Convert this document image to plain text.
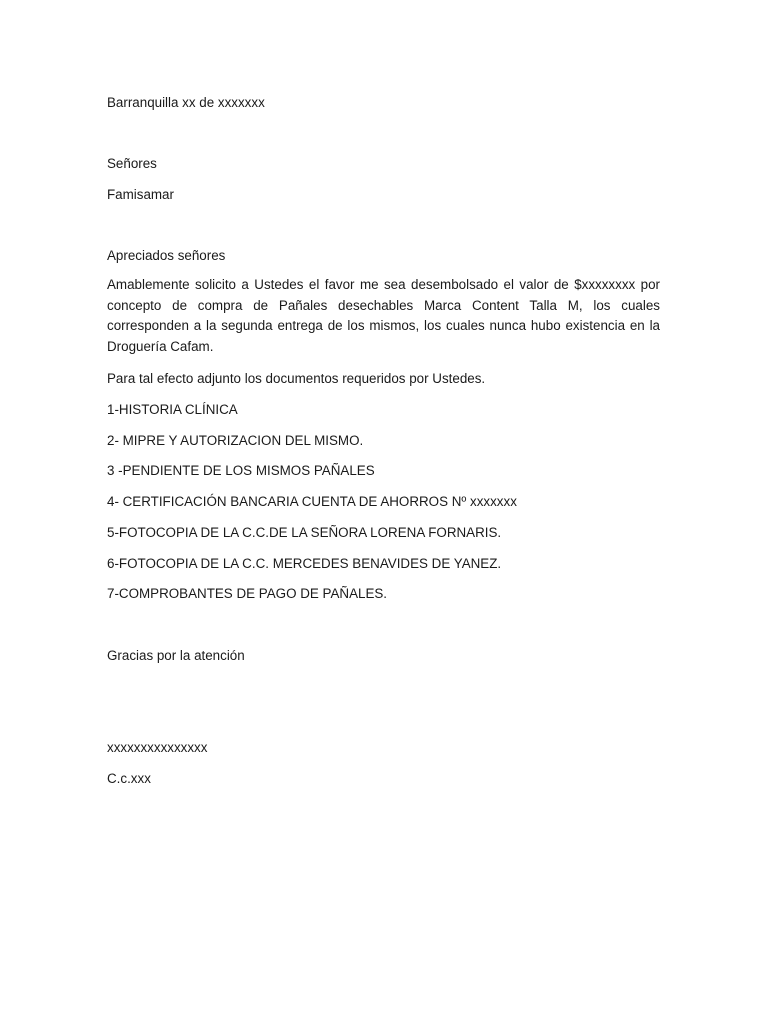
Barranquilla xx de xxxxxxx

Señores

Famisamar

Apreciados señores

Amablemente solicito a Ustedes el favor me sea desembolsado el valor de $xxxxxxxx por
concepto de compra de Pañales desechables Marca Content Talla M, los cuales
corresponden a la segunda entrega de los mismos, los cuales nunca hubo existencia en la
Droguería Cafam.

Para tal efecto adjunto los documentos requeridos por Ustedes.

1-HISTORIA CLÍNICA

2- MIPRE Y AUTORIZACION DEL MISMO.

3 -PENDIENTE DE LOS MISMOS PAÑALES

4- CERTIFICACIÓN BANCARIA CUENTA DE AHORROS Nº xxxxxxx

5-FOTOCOPIA DE LA C.C.DE LA SEÑORA LORENA FORNARIS.

6-FOTOCOPIA DE LA C.C. MERCEDES BENAVIDES DE YANEZ.

7-COMPROBANTES DE PAGO DE PAÑALES.

Gracias por la atención

xxxxxxxxxxxxxxx

C.c.xxx
